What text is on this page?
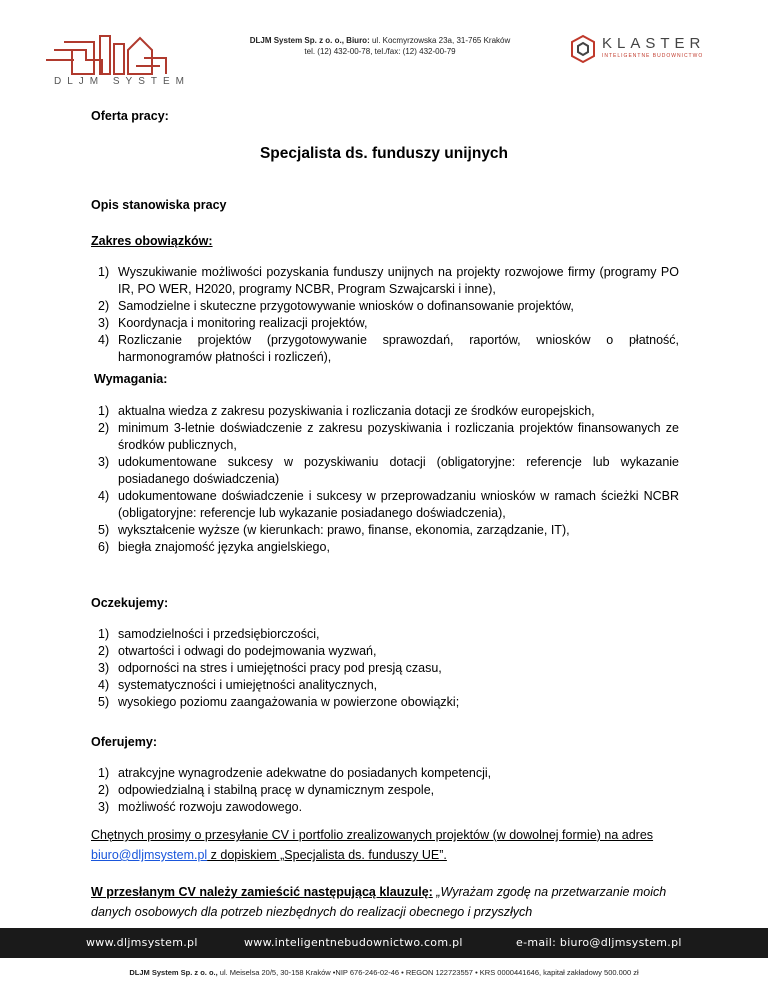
DLJM SYSTEM
DLJM System Sp. z o. o., Biuro: ul. Kocmyrzowska 23a, 31-765 Kraków
tel. (12) 432-00-78, tel./fax: (12) 432-00-79	KLASTER
INTELIGENTNE BUDOWNICTWO
Oferta pracy:
Specjalista ds. funduszy unijnych
Opis stanowiska pracy
Zakres obowiązków:
1) Wyszukiwanie możliwości pozyskania funduszy unijnych na projekty rozwojowe firmy (programy PO IR, PO WER, H2020, programy NCBR, Program Szwajcarski i inne),
2) Samodzielne i skuteczne przygotowywanie wniosków o dofinansowanie projektów,
3) Koordynacja i monitoring realizacji projektów,
4) Rozliczanie projektów (przygotowywanie sprawozdań, raportów, wniosków o płatność, harmonogramów płatności i rozliczeń),
Wymagania:
1) aktualna wiedza z zakresu pozyskiwania i rozliczania dotacji ze środków europejskich,
2) minimum 3-letnie doświadczenie z zakresu pozyskiwania i rozliczania projektów finansowanych ze środków publicznych,
3) udokumentowane sukcesy w pozyskiwaniu dotacji (obligatoryjne: referencje lub wykazanie posiadanego doświadczenia)
4) udokumentowane doświadczenie i sukcesy w przeprowadzaniu wniosków w ramach ścieżki NCBR (obligatoryjne: referencje lub wykazanie posiadanego doświadczenia),
5) wykształcenie wyższe (w kierunkach: prawo, finanse, ekonomia, zarządzanie, IT),
6) biegła znajomość języka angielskiego,
Oczekujemy:
1) samodzielności i przedsiębiorczości,
2) otwartości i odwagi do podejmowania wyzwań,
3) odporności na stres i umiejętności pracy pod presją czasu,
4) systematyczności i umiejętności analitycznych,
5) wysokiego poziomu zaangażowania w powierzone obowiązki;
Oferujemy:
1) atrakcyjne wynagrodzenie adekwatne do posiadanych kompetencji,
2) odpowiedzialną i stabilną pracę w dynamicznym zespole,
3) możliwość rozwoju zawodowego.
Chętnych prosimy o przesyłanie CV i portfolio zrealizowanych projektów (w dowolnej formie) na adres biuro@dljmsystem.pl z dopiskiem „Specjalista ds. funduszy UE”.
W przesłanym CV należy zamieścić następującą klauzulę: „Wyrażam zgodę na przetwarzanie moich danych osobowych dla potrzeb niezbędnych do realizacji obecnego i przyszłych
www.dljmsystem.pl	www.inteligentnebudownictwo.com.pl	e-mail: biuro@dljmsystem.pl
DLJM System Sp. z o. o., ul. Meiselsa 20/5, 30-158 Kraków •NIP 676-246-02-46 • REGON 122723557 • KRS 0000441646, kapitał zakładowy 500.000 zł
